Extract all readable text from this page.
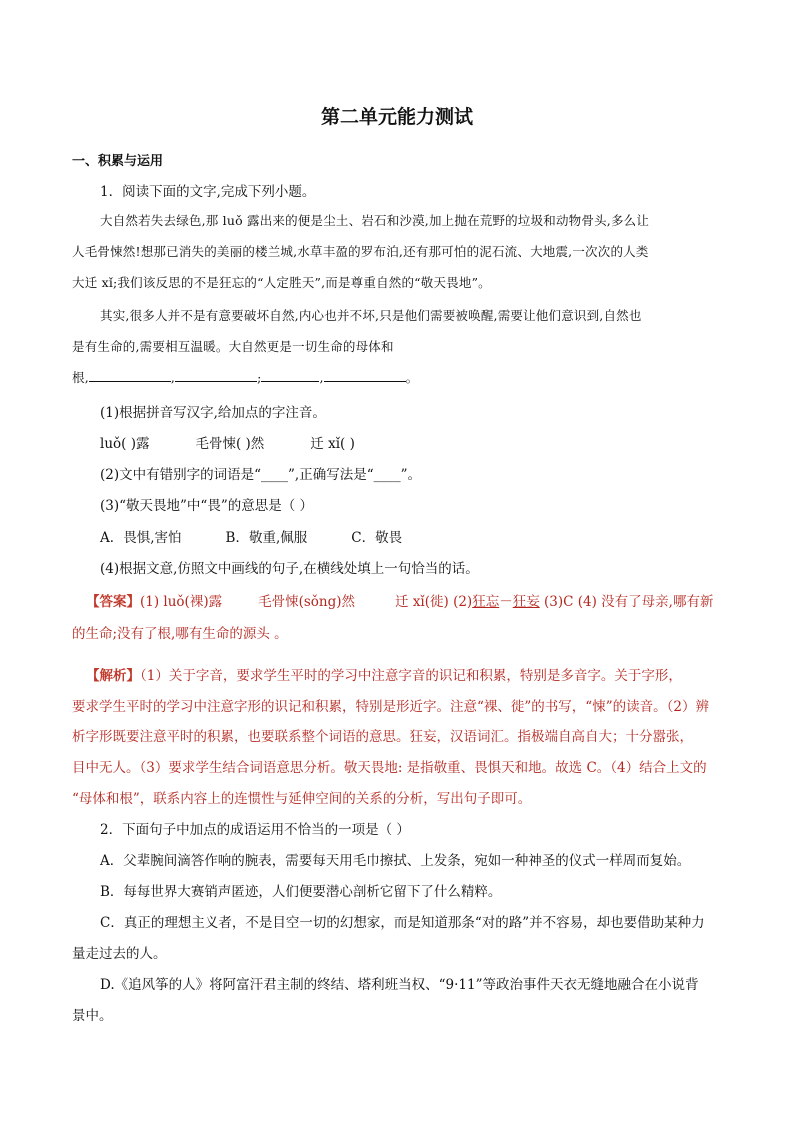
第二单元能力测试
一、积累与运用
1．阅读下面的文字,完成下列小题。
大自然若失去绿色,那 luǒ 露出来的便是尘土、岩石和沙漠,加上抛在荒野的垃圾和动物骨头,多么让
人毛骨悚然!想那已消失的美丽的楼兰城,水草丰盈的罗布泊,还有那可怕的泥石流、大地震,一次次的人类
大迁 xǐ;我们该反思的不是狂忘的“人定胜天”,而是尊重自然的“敬天畏地”。
其实,很多人并不是有意要破坏自然,内心也并不坏,只是他们需要被唤醒,需要让他们意识到,自然也
是有生命的,需要相互温暖。大自然更是一切生命的母体和
根,	,	;	,	。
(1)根据拼音写汉字,给加点的字注音。
luǒ( )露	毛骨悚( )然	迁 xǐ( )
(2)文中有错别字的词语是“____”,正确写法是“____”。
(3)“敬天畏地”中“畏”的意思是（ ）
A．畏惧,害怕	B．敬重,佩服	C．敬畏
(4)根据文意,仿照文中画线的句子,在横线处填上一句恰当的话。
【答案】(1) luǒ(裸)露	毛骨悚(sǒng)然	迁 xǐ(徙) (2)狂忘－狂妄 (3)C (4) 没有了母亲,哪有新
的生命;没有了根,哪有生命的源头 。
【解析】（1）关于字音，要求学生平时的学习中注意字音的识记和积累，特别是多音字。关于字形，
要求学生平时的学习中注意字形的识记和积累，特别是形近字。注意“裸、徙”的书写，“悚”的读音。（2）辨
析字形既要注意平时的积累，也要联系整个词语的意思。狂妄，汉语词汇。指极端自高自大；十分嚣张，
目中无人。（3）要求学生结合词语意思分析。敬天畏地: 是指敬重、畏惧天和地。故选 C。（4）结合上文的
“母体和根”，联系内容上的连惯性与延伸空间的关系的分析，写出句子即可。
2．下面句子中加点的成语运用不恰当的一项是（ ）
A．父辈腕间滴答作响的腕表，需要每天用毛巾擦拭、上发条，宛如一种神圣的仪式一样周而复始。
B．每每世界大赛销声匿迹，人们便要潜心剖析它留下了什么精粹。
C．真正的理想主义者，不是目空一切的幻想家，而是知道那条“对的路”并不容易，却也要借助某种力
量走过去的人。
D.《追风筝的人》将阿富汗君主制的终结、塔利班当权、“9·11”等政治事件天衣无缝地融合在小说背
景中。
